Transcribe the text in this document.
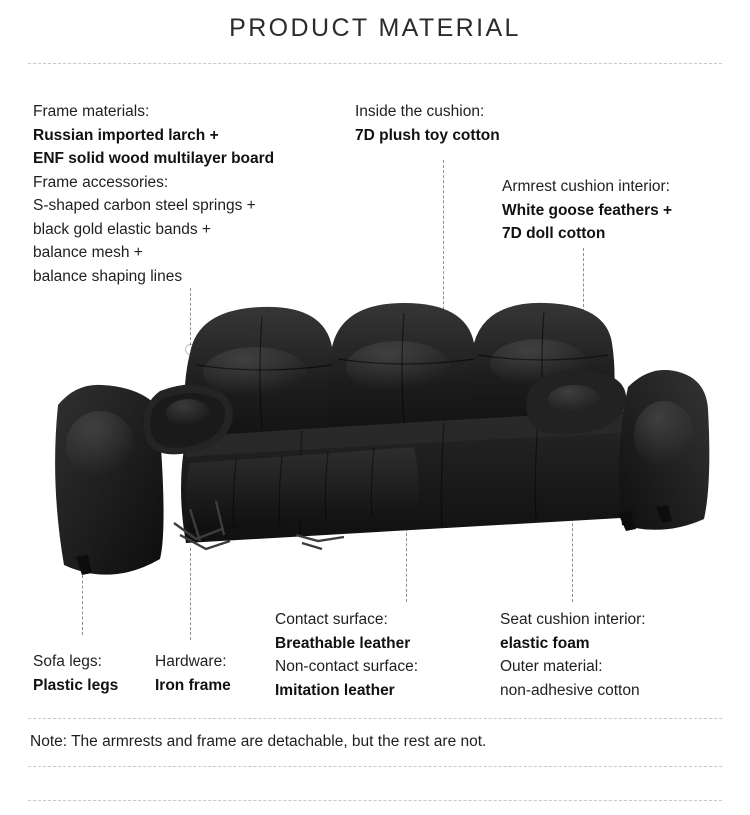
PRODUCT MATERIAL
Frame materials:
Russian imported larch +
ENF solid wood multilayer board
Frame accessories:
S-shaped carbon steel springs +
black gold elastic bands +
balance mesh +
balance shaping lines
Inside the cushion:
7D plush toy cotton
Armrest cushion interior:
White goose feathers +
7D doll cotton
Sofa legs:
Plastic legs
Hardware:
Iron frame
Contact surface:
Breathable leather
Non-contact surface:
Imitation leather
Seat cushion interior:
elastic foam
Outer material:
non-adhesive cotton
Note: The armrests and frame are detachable, but the rest are not.
